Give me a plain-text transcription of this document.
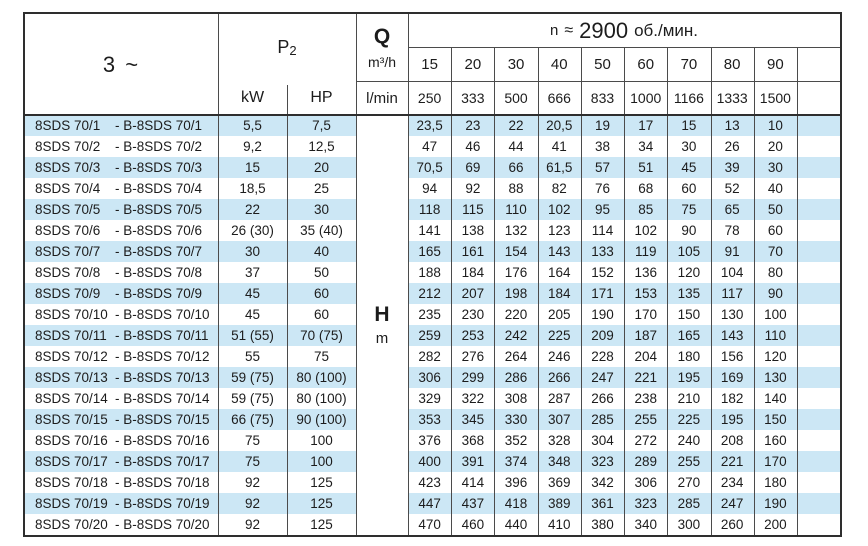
3 ~
P 2
kW	HP
Q
m³/h
l/min
n ≈ 2900 об./мин.
15	20	30	40	50	60	70	80	90
250	333	500	666	833	1000 1166 1333 1500
8SDS 70/1	- B-8SDS 70/1	5,5	7,5	23,5	23	22	20,5	19	17	15	13	10
8SDS 70/2	- B-8SDS 70/2	9,2	12,5	47	46	44	41	38	34	30	26	20
8SDS 70/3	- B-8SDS 70/3	15	20	70,5	69	66	61,5	57	51	45	39	30
8SDS 70/4	- B-8SDS 70/4	18,5	25	94	92	88	82	76	68	60	52	40
8SDS 70/5	- B-8SDS 70/5	22	30	118	115	110	102	95	85	75	65	50
8SDS 70/6	- B-8SDS 70/6	26 (30)	35 (40)	141	138	132	123	114	102	90	78	60
8SDS 70/7	- B-8SDS 70/7	30	40	165	161	154	143	133	119	105	91	70
8SDS 70/8	- B-8SDS 70/8	37	50	188	184	176	164	152	136	120	104	80
8SDS 70/9	- B-8SDS 70/9	45	60	212	207	198	184	171	153	135	117	90
8SDS 70/10 - B-8SDS 70/10	45	60	235	230	220	205	190	170	150	130	100
8SDS 70/11 - B-8SDS 70/11	51 (55)	70 (75)	259	253	242	225	209	187	165	143	110
8SDS 70/12 - B-8SDS 70/12	55	75	282	276	264	246	228	204	180	156	120
8SDS 70/13 - B-8SDS 70/13	59 (75)	80 (100)	306	299	286	266	247	221	195	169	130
8SDS 70/14 - B-8SDS 70/14	59 (75)	80 (100)	329	322	308	287	266	238	210	182	140
8SDS 70/15 - B-8SDS 70/15	66 (75)	90 (100)	353	345	330	307	285	255	225	195	150
8SDS 70/16 - B-8SDS 70/16	75	100	376	368	352	328	304	272	240	208	160
8SDS 70/17 - B-8SDS 70/17	75	100	400	391	374	348	323	289	255	221	170
8SDS 70/18 - B-8SDS 70/18	92	125	423	414	396	369	342	306	270	234	180
8SDS 70/19 - B-8SDS 70/19	92	125	447	437	418	389	361	323	285	247	190
8SDS 70/20 - B-8SDS 70/20	92	125	470	460	440	410	380	340	300	260	200
H
m
